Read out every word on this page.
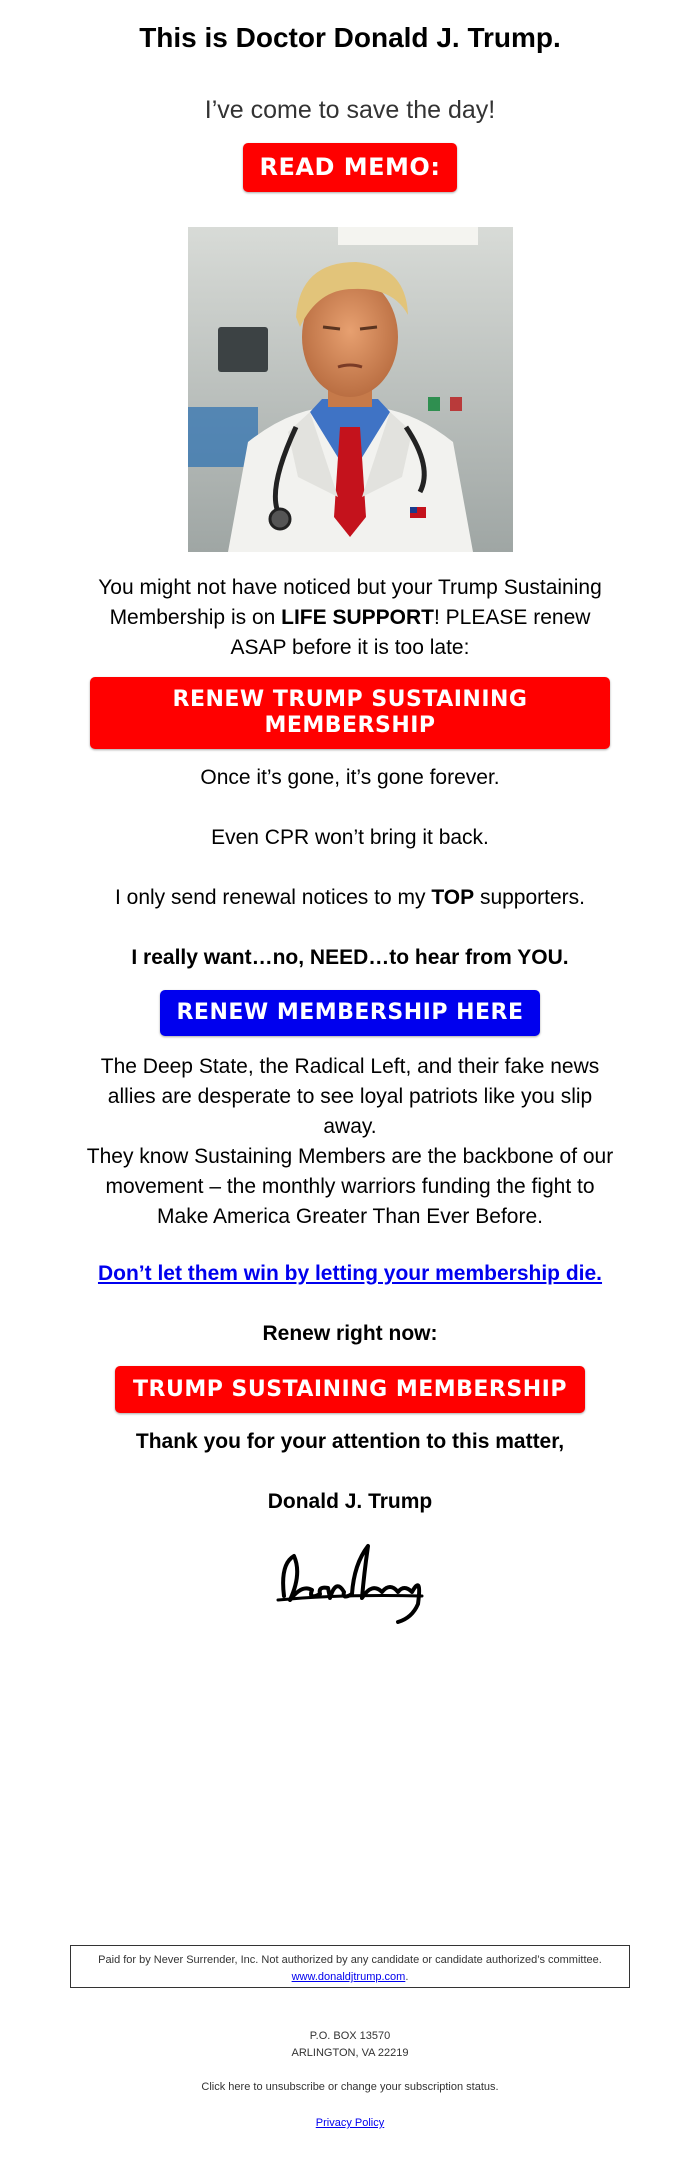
This is Doctor Donald J. Trump.
I’ve come to save the day!
READ MEMO:
You might not have noticed but your Trump Sustaining Membership is on LIFE SUPPORT! PLEASE renew ASAP before it is too late:
RENEW TRUMP SUSTAINING MEMBERSHIP
Once it’s gone, it’s gone forever.
Even CPR won’t bring it back.
I only send renewal notices to my TOP supporters.
I really want…no, NEED…to hear from YOU.
RENEW MEMBERSHIP HERE
The Deep State, the Radical Left, and their fake news allies are desperate to see loyal patriots like you slip away.
They know Sustaining Members are the backbone of our movement – the monthly warriors funding the fight to Make America Greater Than Ever Before.
Don’t let them win by letting your membership die.
Renew right now:
TRUMP SUSTAINING MEMBERSHIP
Thank you for your attention to this matter,
Donald J. Trump
Paid for by Never Surrender, Inc. Not authorized by any candidate or candidate authorized’s committee.
www.donaldjtrump.com.
P.O. BOX 13570
ARLINGTON, VA 22219
Click here to unsubscribe or change your subscription status.
Privacy Policy
